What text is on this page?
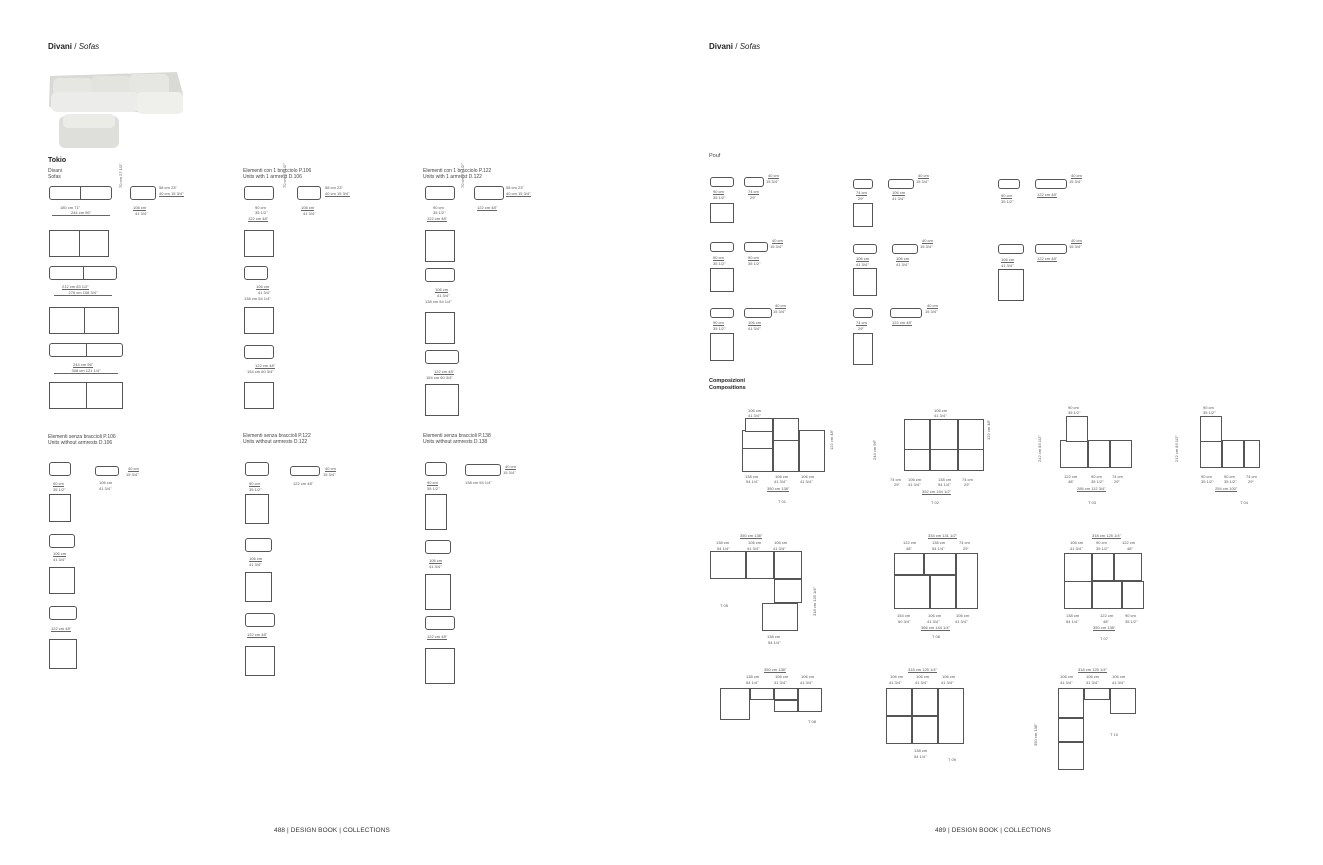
Divani / Sofas
Tokio
Divani
Sofas
180 cm 71"
244 cm 96"
70 cm 27 1/2"	58 cm 23"
40 cm 15 3/4"
106 cm
41 3/4"
212 cm 83 1/2"
276 cm 108 3/4"
244 cm 96"
308 cm 121 1/4"
Elementi con 1 bracciolo P.106
Units with 1 armrest D.106
90 cm
35 1/2"
122 cm 48"
70 cm 27 1/2"	58 cm 23"
40 cm 15 3/4"
106 cm
41 3/4"
106 cm
41 3/4"
138 cm 54 1/4"
122 cm 48"
154 cm 60 3/4"
Elementi con 1 bracciolo P.122
Units with 1 armrest D.122
90 cm
35 1/2"
122 cm 48"
70 cm 27 1/2"	58 cm 23"
40 cm 15 3/4"
122 cm 48"
106 cm
41 3/4"
138 cm 54 1/4"
122 cm 48"
154 cm 60 3/4"
Elementi senza braccioli P.106
Units without armrests D.106
90 cm
35 1/2"
40 cm
15 3/4"
106 cm
41 3/4"
106 cm
41 3/4"
122 cm 48"
Elementi senza braccioli P.122
Units without armrests D.122
90 cm
35 1/2"
40 cm
15 3/4"
122 cm 48"
106 cm
41 3/4"
122 cm 48"
Elementi senza braccioli P.138
Units without armrests D.138
90 cm
35 1/2"
40 cm
15 3/4"
138 cm 54 1/4"
106 cm
41 3/4"
122 cm 48"
488 | DESIGN BOOK | COLLECTIONS
Divani / Sofas
Pouf
90 cm
35 1/2"
40 cm
15 3/4"
74 cm
29"
90 cm
35 1/2"
40 cm
15 3/4"
90 cm
35 1/2"
90 cm
35 1/2"
40 cm
15 3/4"
106 cm
41 3/4"
74 cm
29"
40 cm
15 3/4"
106 cm
41 3/4"
106 cm
41 3/4"
40 cm
15 3/4"
106 cm
41 3/4"
74 cm
29"
40 cm
15 3/4"
122 cm 48"
90 cm
35 1/2"
40 cm
15 3/4"
122 cm 48"
106 cm
41 3/4"
40 cm
15 3/4"
122 cm 48"
Composizioni
Compositions
106 cm
41 3/4"
138 cm
54 1/4"
106 cm
41 3/4"
106 cm
41 3/4"
350 cm 138"
122 cm 48"
T 01
106 cm
41 3/4"
74 cm
29"
106 cm
41 3/4"
138 cm
54 1/4"
74 cm
29"
392 cm 154 1/2"
244 cm 96"
122 cm 48"
T 02
90 cm
35 1/2"
122 cm
48"
90 cm
35 1/2"
74 cm
29"
286 cm 112 3/4"
212 cm 83 1/2"
T 03
90 cm
35 1/2"
90 cm
35 1/2"
90 cm
35 1/2"
74 cm
29"
254 cm 100"
212 cm 83 1/2"
T 04
350 cm 138"
138 cm
54 1/4"
106 cm
41 3/4"
106 cm
41 3/4"
138 cm
54 1/4"
318 cm 125 1/4"
T 05
334 cm 131 1/2"
122 cm
48"
138 cm
54 1/4"
74 cm
29"
154 cm
60 3/4"
106 cm
41 3/4"
106 cm
41 3/4"
366 cm 144 1/4"
T 06
318 cm 125 1/4"
106 cm
41 3/4"
90 cm
35 1/2"
122 cm
48"
138 cm
54 1/4"
122 cm
48"
90 cm
35 1/2"
350 cm 138"
T 07
350 cm 138"
138 cm
54 1/4"
106 cm
41 3/4"
106 cm
41 3/4"
T 08
318 cm 125 1/4"
106 cm
41 3/4"
106 cm
41 3/4"
106 cm
41 3/4"
138 cm
54 1/4"
T 09
318 cm 125 1/4"
106 cm
41 3/4"
106 cm
41 3/4"
106 cm
41 3/4"
350 cm 138"	T 10
489 | DESIGN BOOK | COLLECTIONS
